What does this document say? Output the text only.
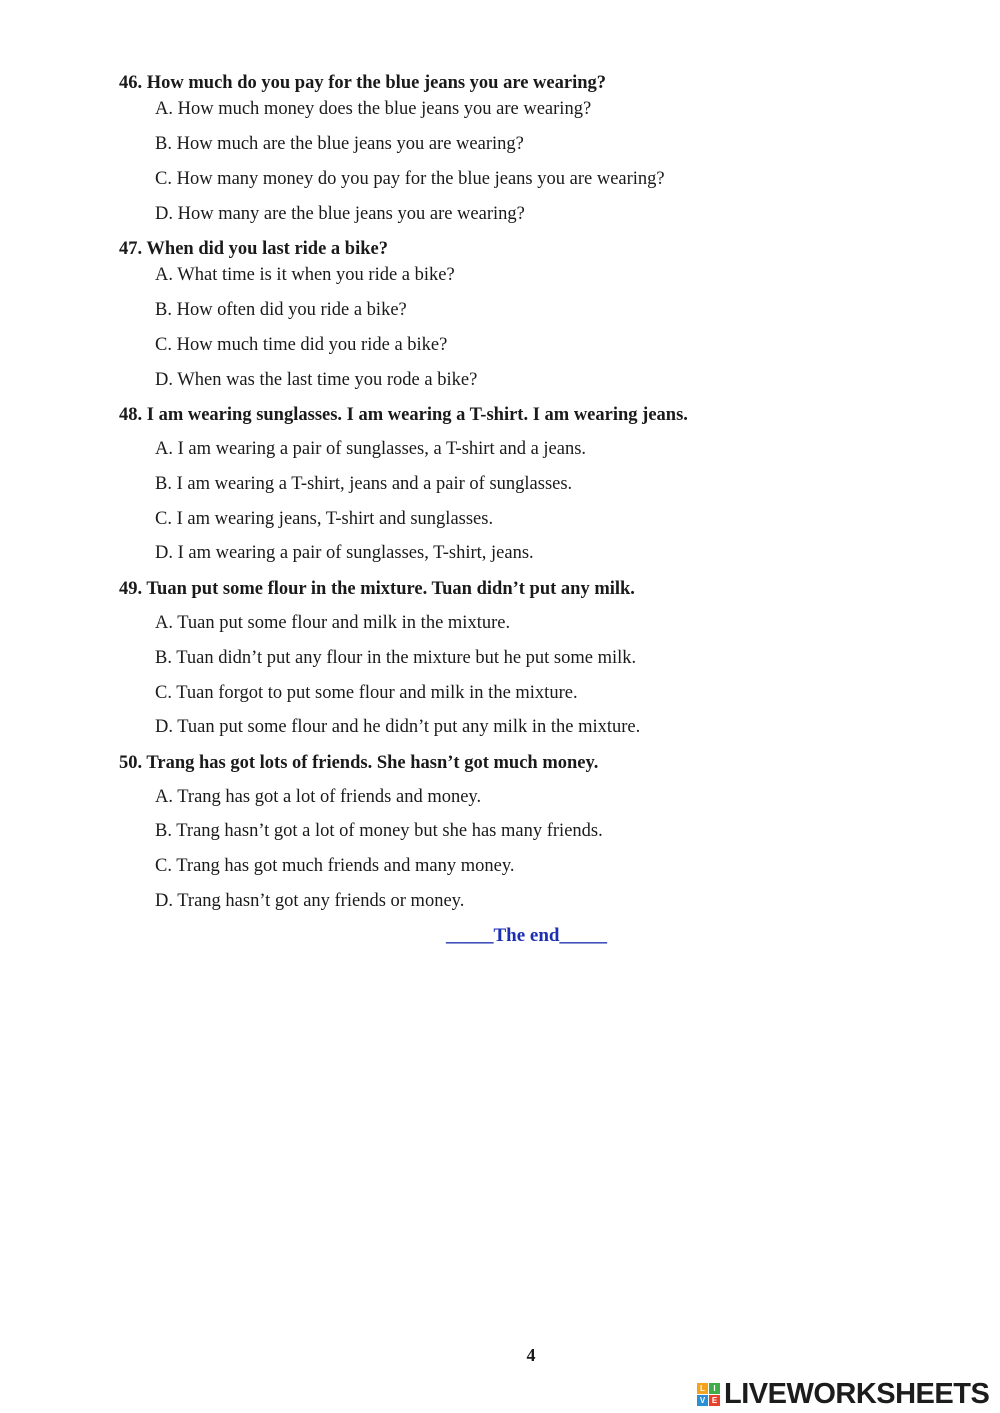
46. How much do you pay for the blue jeans you are wearing?
A. How much money does the blue jeans you are wearing?
B. How much are the blue jeans you are wearing?
C. How many money do you pay for the blue jeans you are wearing?
D. How many are the blue jeans you are wearing?
47. When did you last ride a bike?
A. What time is it when you ride a bike?
B. How often did you ride a bike?
C. How much time did you ride a bike?
D. When was the last time you rode a bike?
48. I am wearing sunglasses. I am wearing a T-shirt. I am wearing jeans.
A. I am wearing a pair of sunglasses, a T-shirt and a jeans.
B. I am wearing a T-shirt, jeans and a pair of sunglasses.
C. I am wearing jeans, T-shirt and sunglasses.
D. I am wearing a pair of sunglasses, T-shirt, jeans.
49. Tuan put some flour in the mixture. Tuan didn’t put any milk.
A. Tuan put some flour and milk in the mixture.
B. Tuan didn’t put any flour in the mixture but he put some milk.
C. Tuan forgot to put some flour and milk in the mixture.
D. Tuan put some flour and he didn’t put any milk in the mixture.
50. Trang has got lots of friends. She hasn’t got much money.
A. Trang has got a lot of friends and money.
B. Trang hasn’t got a lot of money but she has many friends.
C. Trang has got much friends and many money.
D. Trang hasn’t got any friends or money.
_____The end_____
4
L	I
V E LIVEWORKSHEETS
